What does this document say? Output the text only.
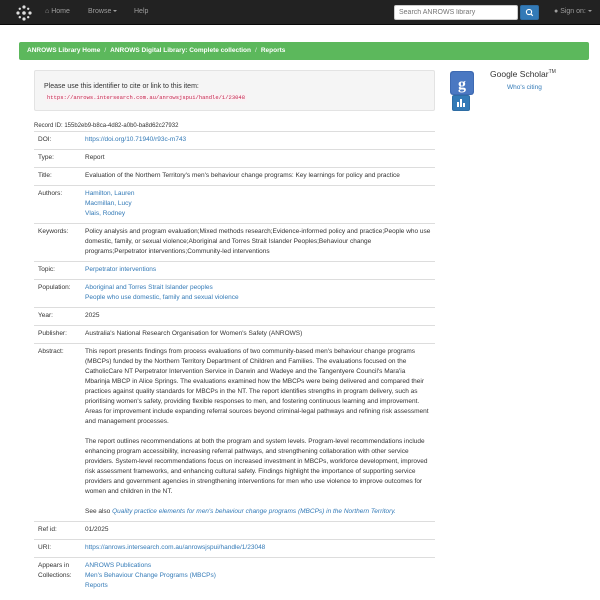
⌂ Home	Browse	Help
Search ANROWS library	● Sign on:
ANROWS Library Home / ANROWS Digital Library: Complete collection / Reports
Please use this identifier to cite or link to this item:
https://anrows.intersearch.com.au/anrowsjspui/handle/1/23048
Record ID: 155b2eb9-b8ca-4d82-a0b0-ba8d62c27932
g
Google Scholar™
Who's citing
DOI:	https://doi.org/10.71940/r93c-m743
Type:	Report
Title:	Evaluation of the Northern Territory's men's behaviour change programs: Key learnings for policy and practice
Authors:	Hamilton, Lauren
Macmillan, Lucy
Vlais, Rodney

Keywords:	Policy analysis and program evaluation;Mixed methods research;Evidence-informed policy and practice;People who use domestic, family, or sexual violence;Aboriginal and Torres Strait Islander Peoples;Behaviour change programs;Perpetrator interventions;Community-led interventions
Topic:	Perpetrator interventions
Population:	Aboriginal and Torres Strait Islander peoples
People who use domestic, family and sexual violence

Year:	2025
Publisher:	Australia's National Research Organisation for Women's Safety (ANROWS)
Abstract:	This report presents findings from process evaluations of two community-based men's behaviour change programs (MBCPs) funded by the Northern Territory Department of Children and Families. The evaluations focused on the CatholicCare NT Perpetrator Intervention Service in Darwin and Wadeye and the Tangentyere Council's Mara'ia Mbarinja MBCP in Alice Springs. The evaluations examined how the MBCPs were being delivered and compared their practices against quality standards for MBCPs in the NT. The report identifies strengths in program delivery, such as prioritising women's safety, providing flexible responses to men, and fostering continuous learning and improvement. Areas for improvement include expanding referral sources beyond criminal-legal pathways and refining risk assessment and management processes.
The report outlines recommendations at both the program and system levels. Program-level recommendations include enhancing program accessibility, increasing referral pathways, and strengthening collaboration with other service providers. System-level recommendations focus on increased investment in MBCPs, workforce development, improved risk assessment frameworks, and enhancing cultural safety. Findings highlight the importance of supporting service providers and government agencies in strengthening interventions for men who use violence to improve outcomes for women and children in the NT.
See also Quality practice elements for men's behaviour change programs (MBCPs) in the Northern Territory.

Ref id:	01/2025
URI:	https://anrows.intersearch.com.au/anrowsjspui/handle/1/23048
Appears in Collections:	ANROWS Publications
Men's Behaviour Change Programs (MBCPs)
Reports
